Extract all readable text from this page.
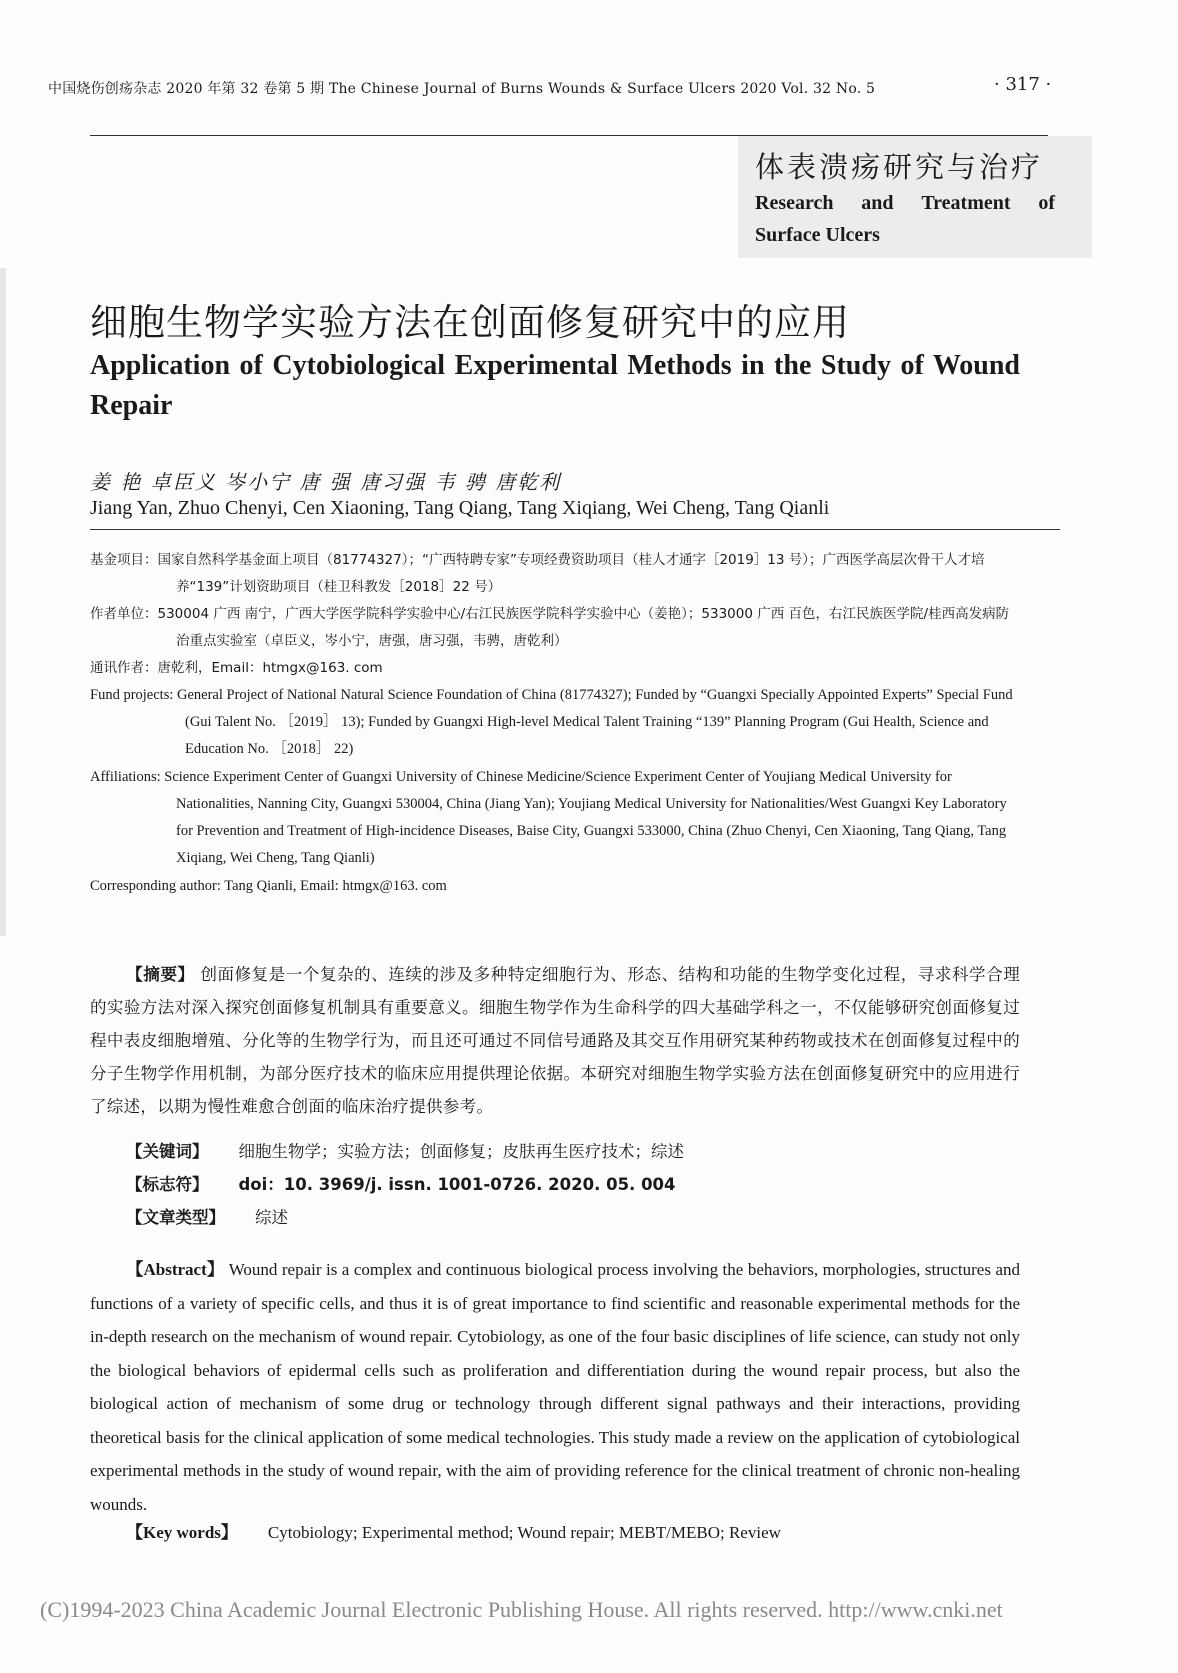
中国烧伤创疡杂志 2020 年第 32 卷第 5 期 The Chinese Journal of Burns Wounds & Surface Ulcers 2020 Vol. 32 No. 5	· 317 ·
体表溃疡研究与治疗
Research and Treatment of
Surface Ulcers
细胞生物学实验方法在创面修复研究中的应用
Application of Cytobiological Experimental Methods in the Study of Wound Repair
姜 艳 卓臣义 岑小宁 唐 强 唐习强 韦 骋 唐乾利
Jiang Yan, Zhuo Chenyi, Cen Xiaoning, Tang Qiang, Tang Xiqiang, Wei Cheng, Tang Qianli
基金项目：国家自然科学基金面上项目（81774327）；“广西特聘专家”专项经费资助项目（桂人才通字［2019］13 号）；广西医学高层次骨干人才培养“139”计划资助项目（桂卫科教发［2018］22 号）
作者单位：530004 广西 南宁，广西大学医学院科学实验中心/右江民族医学院科学实验中心（姜艳）；533000 广西 百色，右江民族医学院/桂西高发病防治重点实验室（卓臣义，岑小宁，唐强，唐习强，韦骋，唐乾利）
通讯作者：唐乾利，Email：htmgx@163. com
Fund projects: General Project of National Natural Science Foundation of China (81774327); Funded by “Guangxi Specially Appointed Experts” Special Fund (Gui Talent No. ［2019］ 13); Funded by Guangxi High-level Medical Talent Training “139” Planning Program (Gui Health, Science and Education No. ［2018］ 22)
Affiliations: Science Experiment Center of Guangxi University of Chinese Medicine/Science Experiment Center of Youjiang Medical University for Nationalities, Nanning City, Guangxi 530004, China (Jiang Yan); Youjiang Medical University for Nationalities/West Guangxi Key Laboratory for Prevention and Treatment of High-incidence Diseases, Baise City, Guangxi 533000, China (Zhuo Chenyi, Cen Xiaoning, Tang Qiang, Tang Xiqiang, Wei Cheng, Tang Qianli)
Corresponding author: Tang Qianli, Email: htmgx@163. com
【摘要】 创面修复是一个复杂的、连续的涉及多种特定细胞行为、形态、结构和功能的生物学变化过程，寻求科学合理的实验方法对深入探究创面修复机制具有重要意义。细胞生物学作为生命科学的四大基础学科之一，不仅能够研究创面修复过程中表皮细胞增殖、分化等的生物学行为，而且还可通过不同信号通路及其交互作用研究某种药物或技术在创面修复过程中的分子生物学作用机制，为部分医疗技术的临床应用提供理论依据。本研究对细胞生物学实验方法在创面修复研究中的应用进行了综述，以期为慢性难愈合创面的临床治疗提供参考。
【关键词】 细胞生物学；实验方法；创面修复；皮肤再生医疗技术；综述
【标志符】 doi：10. 3969/j. issn. 1001-0726. 2020. 05. 004
【文章类型】 综述
【Abstract】 Wound repair is a complex and continuous biological process involving the behaviors, morphologies, structures and functions of a variety of specific cells, and thus it is of great importance to find scientific and reasonable experimental methods for the in-depth research on the mechanism of wound repair. Cytobiology, as one of the four basic disciplines of life science, can study not only the biological behaviors of epidermal cells such as proliferation and differentiation during the wound repair process, but also the biological action of mechanism of some drug or technology through different signal pathways and their interactions, providing theoretical basis for the clinical application of some medical technologies. This study made a review on the application of cytobiological experimental methods in the study of wound repair, with the aim of providing reference for the clinical treatment of chronic non-healing wounds.
【Key words】 Cytobiology; Experimental method; Wound repair; MEBT/MEBO; Review
(C)1994-2023 China Academic Journal Electronic Publishing House. All rights reserved. http://www.cnki.net
